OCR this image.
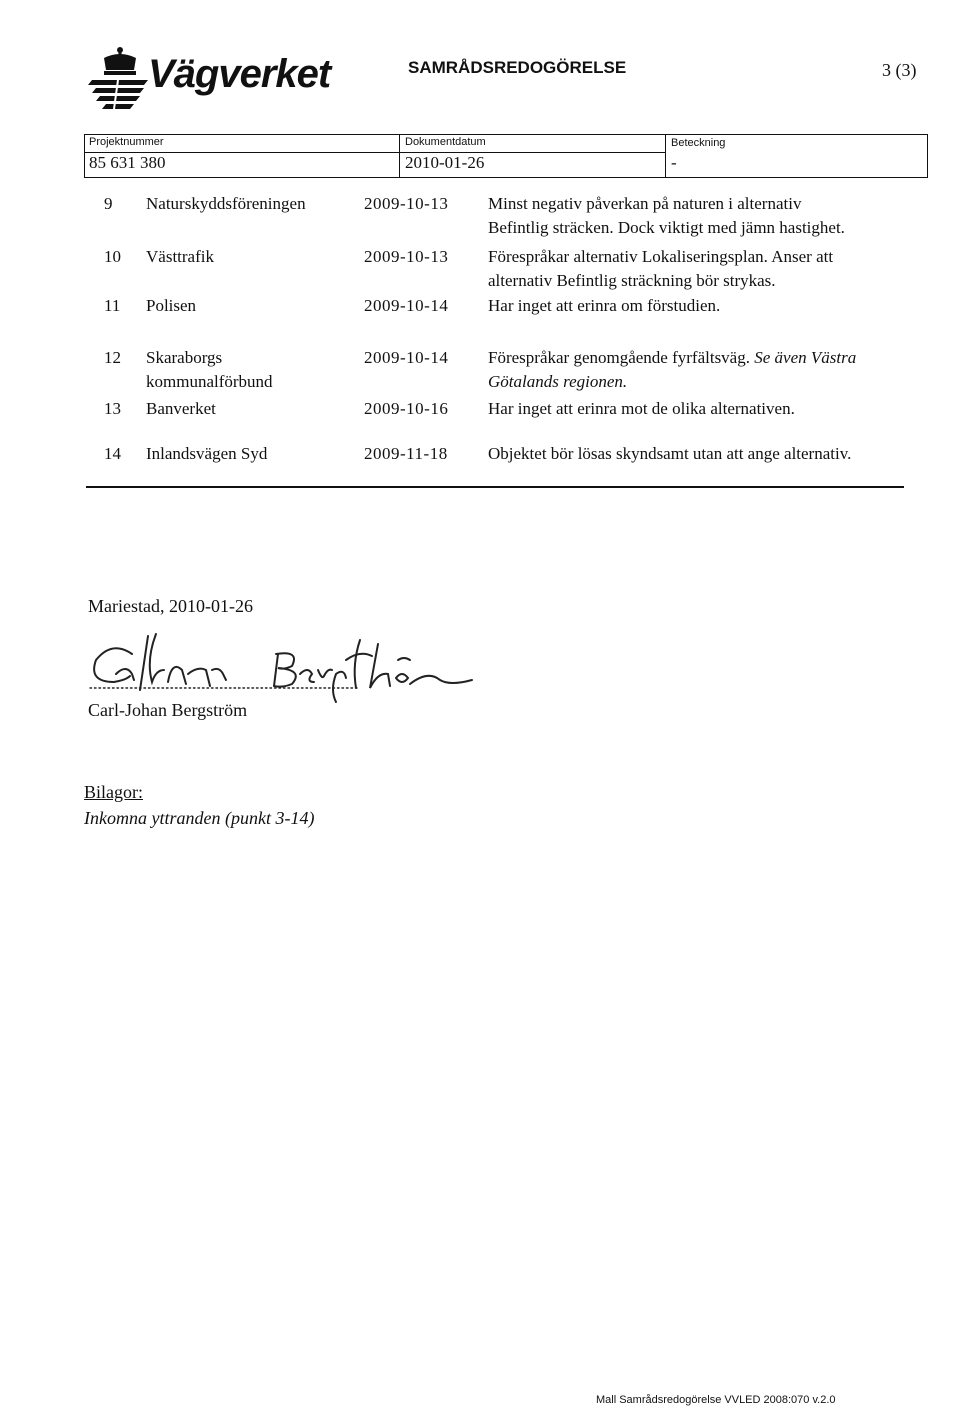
Vägverket	SAMRÅDSREDOGÖRELSE	3 (3)
Projektnummer
85 631 380
Dokumentdatum
2010-01-26
Beteckning
-
9 Naturskyddsföreningen	2009-10-13 Minst negativ påverkan på naturen i alternativ
Befintlig sträcken. Dock viktigt med jämn hastighet.
10 Västtrafik	2009-10-13 Förespråkar alternativ Lokaliseringsplan. Anser att
alternativ Befintlig sträckning bör strykas.
11 Polisen	2009-10-14 Har inget att erinra om förstudien.
12 Skaraborgs
kommunalförbund
2009-10-14 Förespråkar genomgående fyrfältsväg. Se även Västra
Götalands regionen.
13 Banverket	2009-10-16 Har inget att erinra mot de olika alternativen.
14 Inlandsvägen Syd	2009-11-18 Objektet bör lösas skyndsamt utan att ange alternativ.
Mariestad, 2010-01-26
Carl-Johan Bergström
Bilagor:
Inkomna yttranden (punkt 3-14)
Mall Samrådsredogörelse VVLED 2008:070 v.2.0
